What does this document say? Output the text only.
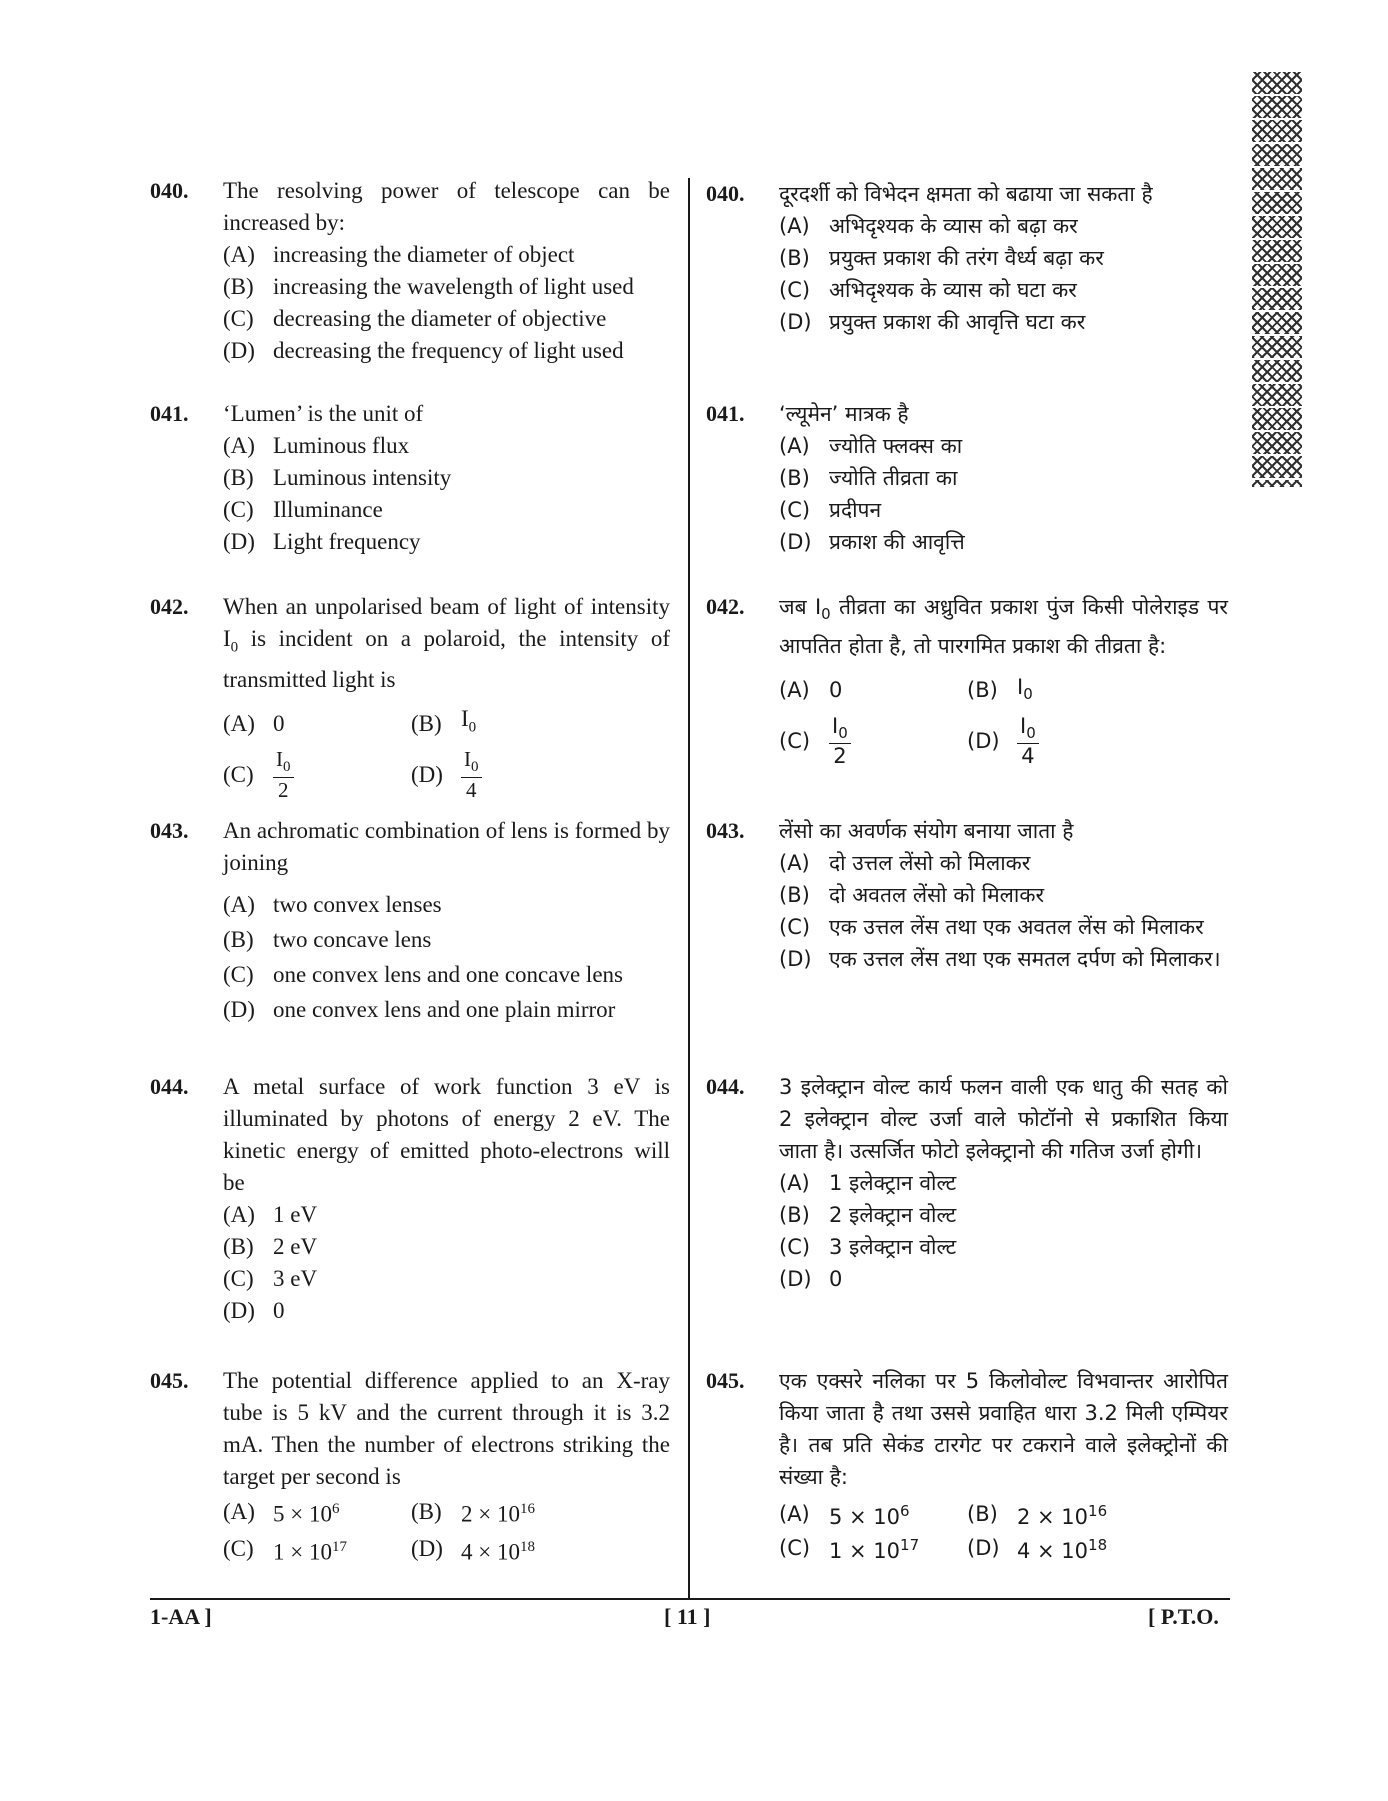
040. The resolving power of telescope can be increased by:

(A) increasing the diameter of object
(B) increasing the wavelength of light used
(C) decreasing the diameter of objective
(D) decreasing the frequency of light used
041. ‘Lumen’ is the unit of

(A) Luminous flux
(B) Luminous intensity
(C) Illuminance
(D) Light frequency
042. When an unpolarised beam of light of intensity $I_0$ is incident on a polaroid, the intensity of transmitted light is

(A) 0	(B) $I_0$
$(C) \frac{I_0}{2}$	$(D) \frac{I_0}{4}$
043. An achromatic combination of lens is formed by joining

(A) two convex lenses
(B) two concave lens
(C) one convex lens and one concave lens
(D) one convex lens and one plain mirror
044. A metal surface of work function 3 eV is illuminated by photons of energy 2 eV. The kinetic energy of emitted photo-electrons will be

(A) 1 eV
(B) 2 eV
(C) 3 eV
(D) 0
045. The potential difference applied to an X-ray tube is 5 kV and the current through it is 3.2 mA. Then the number of electrons striking the target per second is

(A) $5 \times 10^6$	(B) $2 \times 10^{16}$
(C) $1 \times 10^{17}$	(D) $4 \times 10^{18}$
040. दूरदर्शी को विभेदन क्षमता को बढाया जा सकता है

(A) अभिदृश्यक के व्यास को बढ़ा कर
(B) प्रयुक्त प्रकाश की तरंग वैर्ध्य बढ़ा कर
(C) अभिदृश्यक के व्यास को घटा कर
(D) प्रयुक्त प्रकाश की आवृत्ति घटा कर
041. ‘ल्यूमेन’ मात्रक है

(A) ज्योति फ्लक्स का
(B) ज्योति तीव्रता का
(C) प्रदीपन
(D) प्रकाश की आवृत्ति
042. जब $I_0$ तीव्रता का अध्रुवित प्रकाश पुंज किसी पोलेराइड पर आपतित होता है, तो पारगमित प्रकाश की तीव्रता है:

(A) 0	(B) $I_0$
$(C) \frac{I_0}{2}$	$(D) \frac{I_0}{4}$
043. लेंसो का अवर्णक संयोग बनाया जाता है

(A) दो उत्तल लेंसो को मिलाकर
(B) दो अवतल लेंसो को मिलाकर
(C) एक उत्तल लेंस तथा एक अवतल लेंस को मिलाकर
(D) एक उत्तल लेंस तथा एक समतल दर्पण को मिलाकर।
044. 3 इलेक्ट्रान वोल्ट कार्य फलन वाली एक धातु की सतह को 2 इलेक्ट्रान वोल्ट उर्जा वाले फोटॉनो से प्रकाशित किया जाता है। उत्सर्जित फोटो इलेक्ट्रानो की गतिज उर्जा होगी।

(A) 1 इलेक्ट्रान वोल्ट
(B) 2 इलेक्ट्रान वोल्ट
(C) 3 इलेक्ट्रान वोल्ट
(D) 0
045. एक एक्सरे नलिका पर 5 किलोवोल्ट विभवान्तर आरोपित किया जाता है तथा उससे प्रवाहित धारा 3.2 मिली एम्पियर है। तब प्रति सेकंड टारगेट पर टकराने वाले इलेक्ट्रोनों की संख्या है:

(A) $5 \times 10^6$	(B) $2 \times 10^{16}$
(C) $1 \times 10^{17}$ (D) $4 \times 10^{18}$
1-AA ]	[ 11 ]	[ P.T.O.
